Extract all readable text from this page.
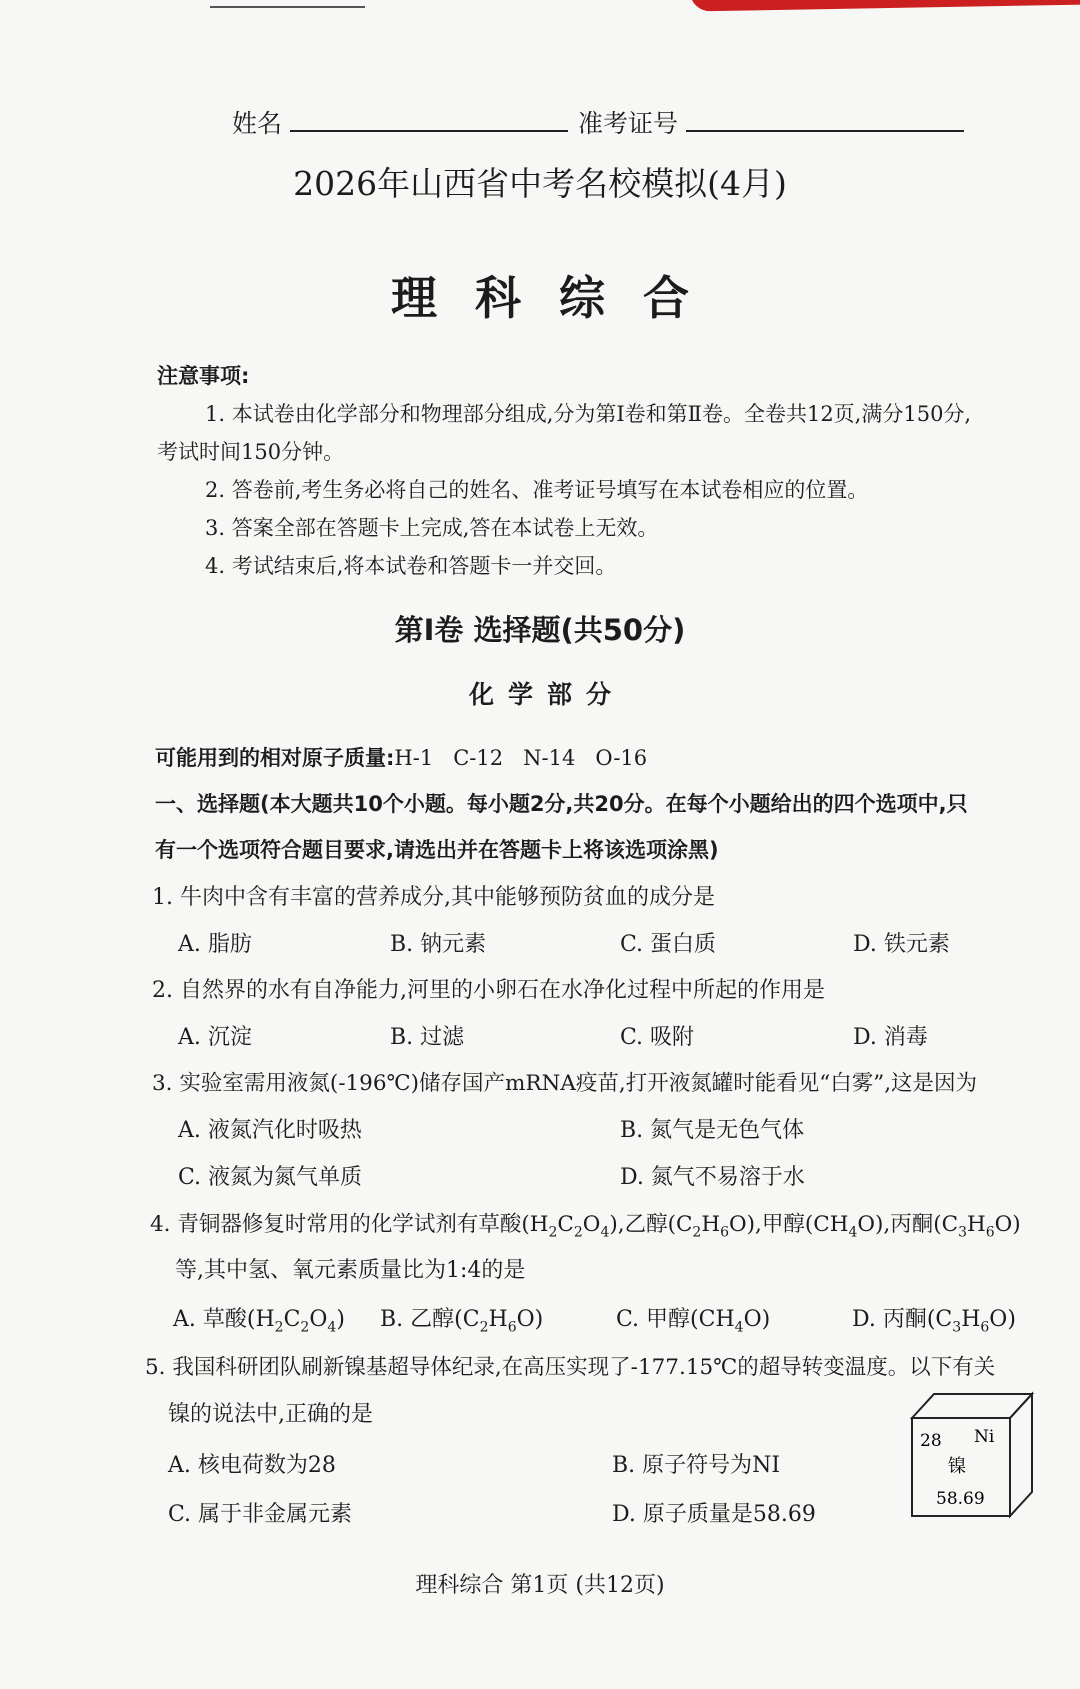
姓名	准考证号
2026年山西省中考名校模拟(4月)
理科综合
注意事项:
1. 本试卷由化学部分和物理部分组成,分为第Ⅰ卷和第Ⅱ卷。全卷共12页,满分150分,
考试时间150分钟。
2. 答卷前,考生务必将自己的姓名、准考证号填写在本试卷相应的位置。
3. 答案全部在答题卡上完成,答在本试卷上无效。
4. 考试结束后,将本试卷和答题卡一并交回。
第Ⅰ卷 选择题(共50分)
化学部分
可能用到的相对原子质量:H-1   C-12   N-14   O-16
一、选择题(本大题共10个小题。每小题2分,共20分。在每个小题给出的四个选项中,只
有一个选项符合题目要求,请选出并在答题卡上将该选项涂黑)
1. 牛肉中含有丰富的营养成分,其中能够预防贫血的成分是
A. 脂肪	B. 钠元素	C. 蛋白质	D. 铁元素
2. 自然界的水有自净能力,河里的小卵石在水净化过程中所起的作用是
A. 沉淀	B. 过滤	C. 吸附	D. 消毒
3. 实验室需用液氮(-196℃)储存国产mRNA疫苗,打开液氮罐时能看见“白雾”,这是因为
A. 液氮汽化时吸热	B. 氮气是无色气体
C. 液氮为氮气单质	D. 氮气不易溶于水
4. 青铜器修复时常用的化学试剂有草酸$(H_2C_2O_4)$,乙醇$(C_2H_6O)$,甲醇$(CH_4O)$,丙酮$(C_3H_6O)$
等,其中氢、氧元素质量比为1:4的是
A. 草酸$(H_2C_2O_4)$ B. 乙醇$(C_2H_6O)$	C. 甲醇$(CH_4O)$	D. 丙酮$(C_3H_6O)$
5. 我国科研团队刷新镍基超导体纪录,在高压实现了-177.15℃的超导转变温度。以下有关
镍的说法中,正确的是
A. 核电荷数为28	B. 原子符号为NI
C. 属于非金属元素	D. 原子质量是58.69
28 Ni
镍
58.69
理科综合 第1页 (共12页)
